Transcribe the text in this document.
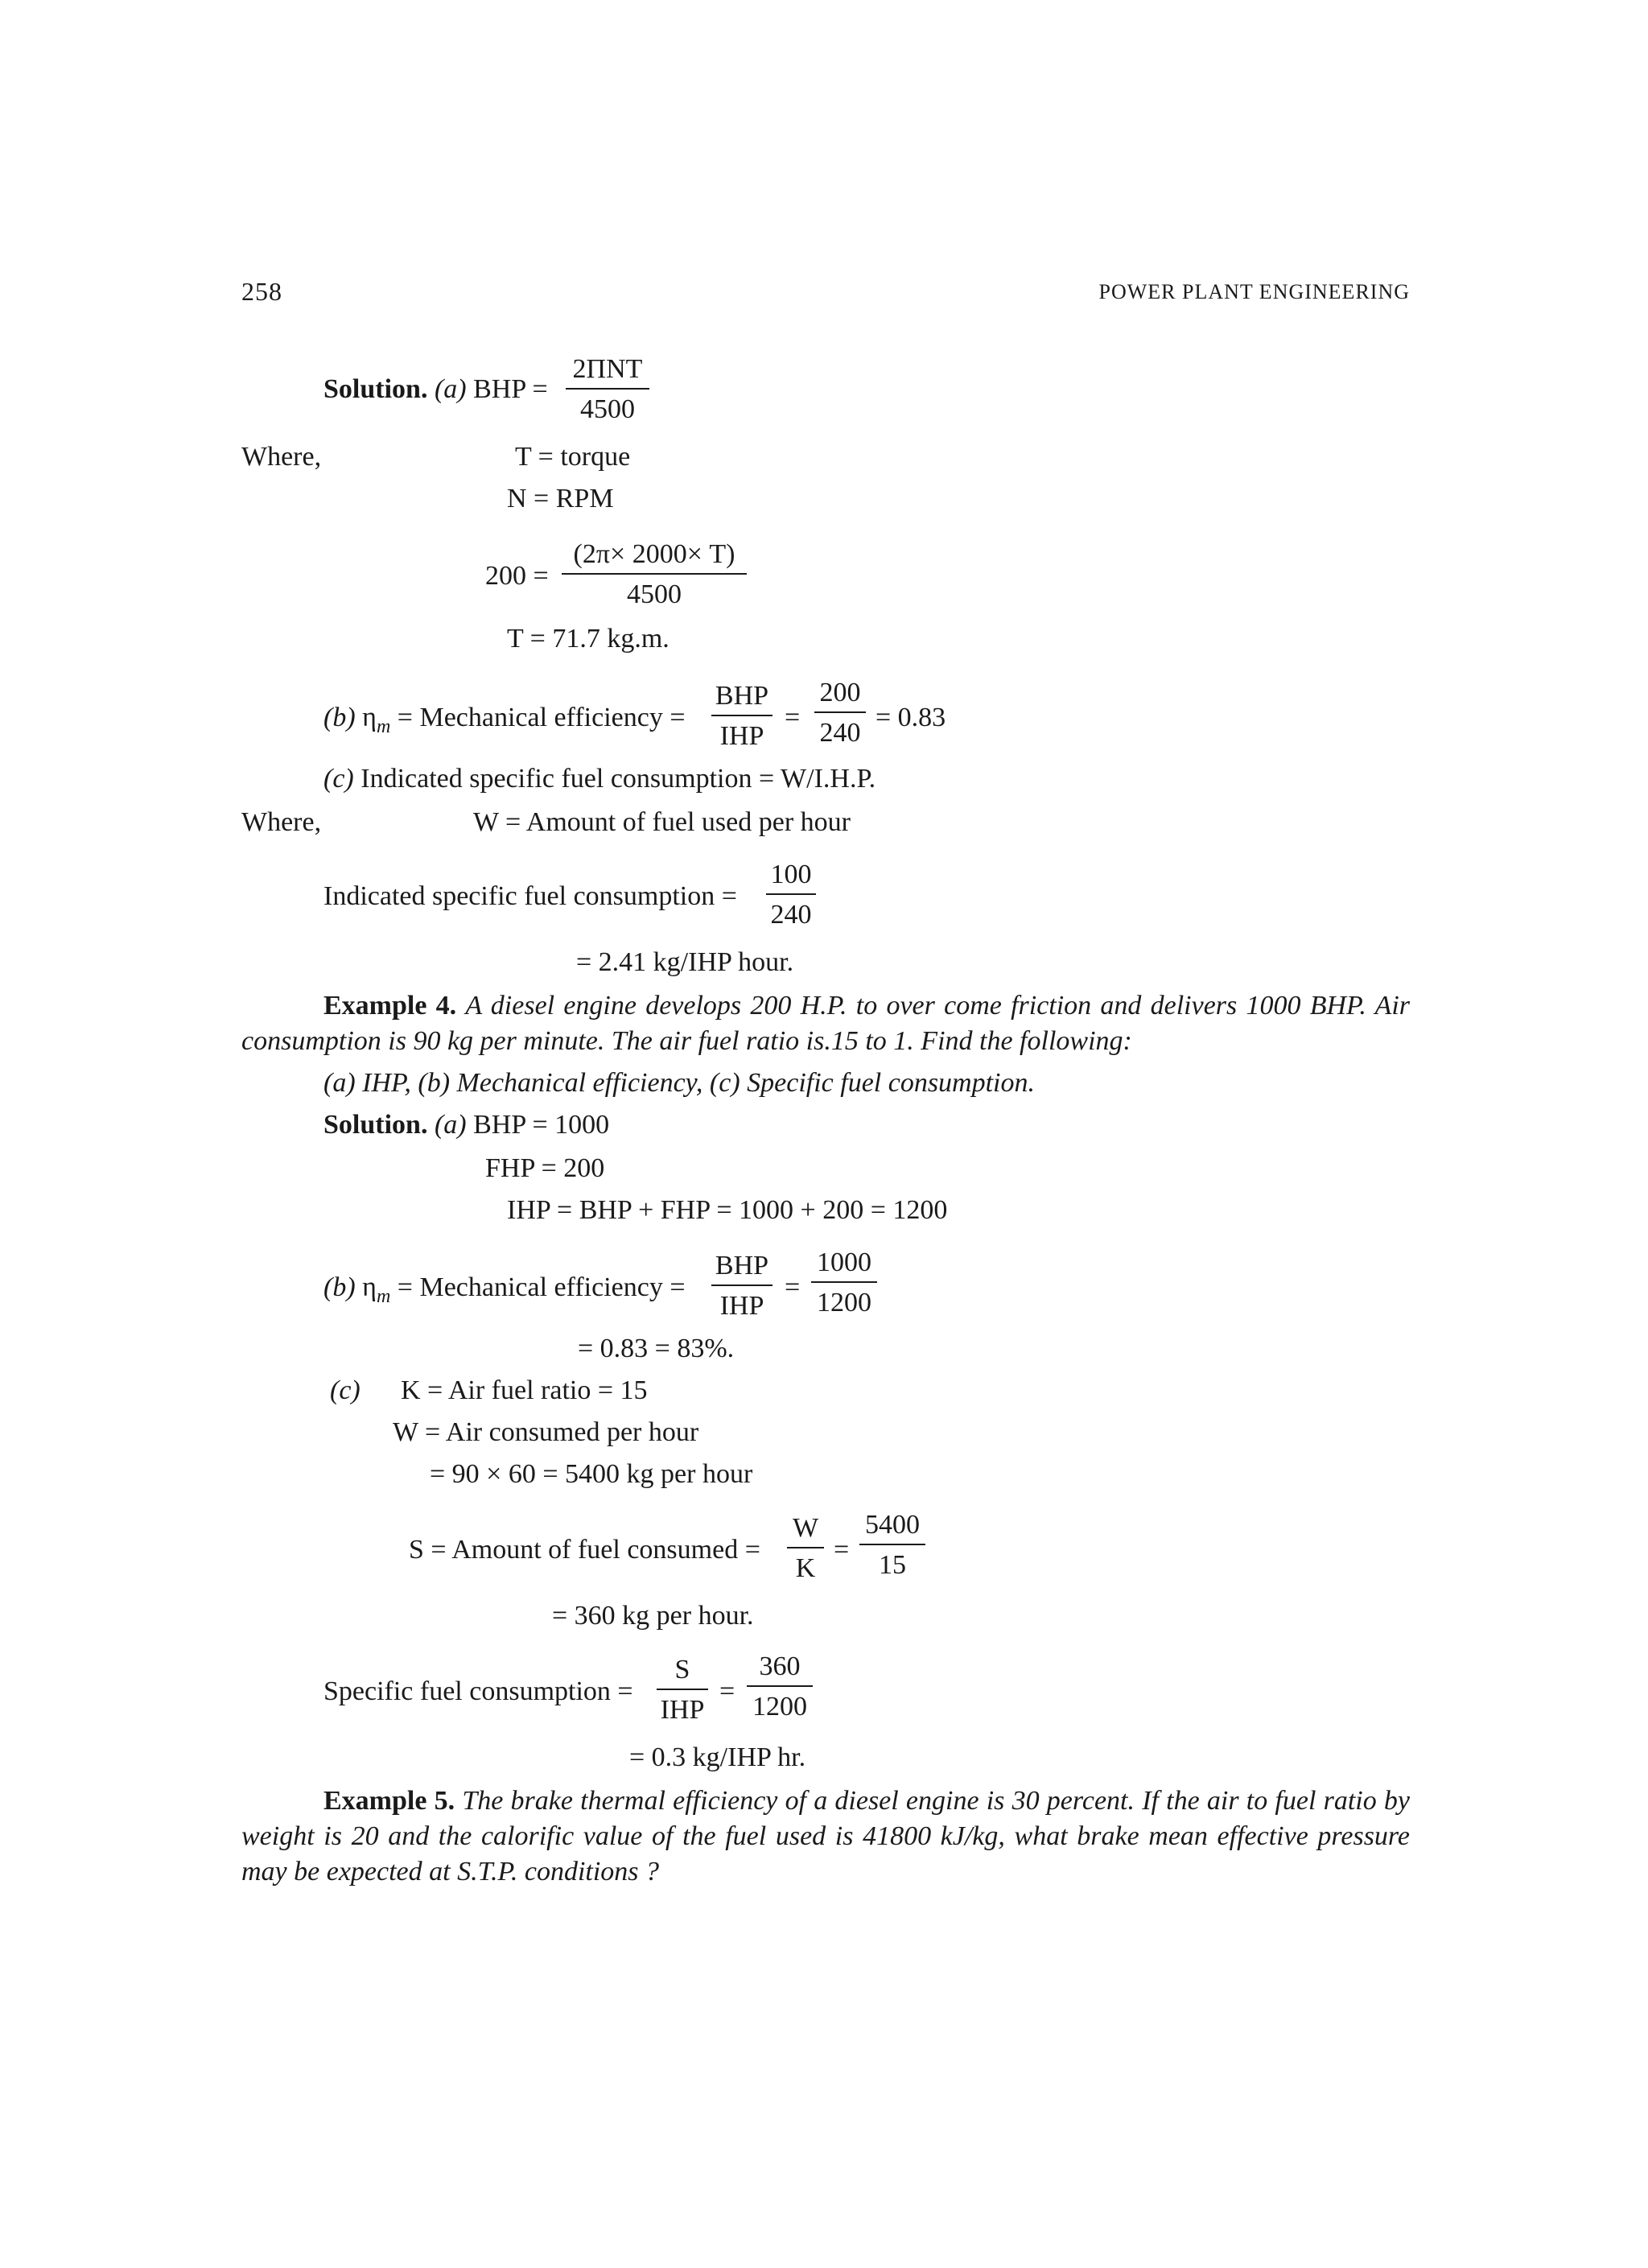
258	POWER PLANT ENGINEERING
Solution. (a) BHP =
2ΠNT
4500
Where,	T = torque
N = RPM
$200 = \frac{(2\pi\times 2000\times T)}{4500}$
T = 71.7 kg.m.
(b) $\eta_m$ = Mechanical efficiency =
BHP
IHP
= $\frac{200}{240} = 0.83$
(c) Indicated specific fuel consumption = W/I.H.P.
Where,	W = Amount of fuel used per hour
Indicated specific fuel consumption = $\frac{100}{240}$
= 2.41 kg/IHP hour.
Example 4. A diesel engine develops 200 H.P. to over come friction and delivers 1000 BHP. Air consumption is 90 kg per minute. The air fuel ratio is.15 to 1. Find the following:
(a) IHP, (b) Mechanical efficiency, (c) Specific fuel consumption.
Solution. (a) BHP = 1000
FHP = 200
IHP = BHP + FHP = 1000 + 200 = 1200
(b) $\eta_m$ = Mechanical efficiency =
BHP
IHP
= $\frac{1000}{1200}$
= 0.83 = 83%.
(c) K = Air fuel ratio = 15
W = Air consumed per hour
= 90 × 60 = 5400 kg per hour
S = Amount of fuel consumed = $\frac{W}{K} = \frac{5400}{15}$
= 360 kg per hour.
Specific fuel consumption =
S
IHP
= $\frac{360}{1200}$
= 0.3 kg/IHP hr.
Example 5. The brake thermal efficiency of a diesel engine is 30 percent. If the air to fuel ratio by weight is 20 and the calorific value of the fuel used is 41800 kJ/kg, what brake mean effective pressure may be expected at S.T.P. conditions ?
